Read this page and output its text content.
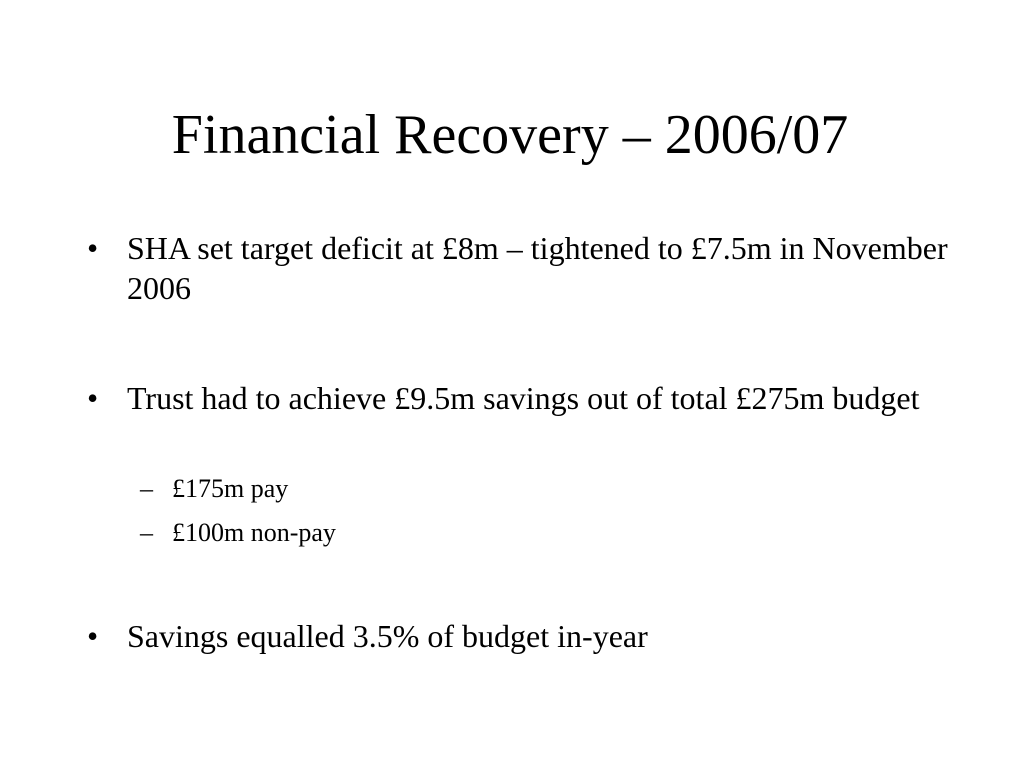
Financial Recovery – 2006/07
• SHA set target deficit at £8m – tightened to £7.5m in November 2006
• Trust had to achieve £9.5m savings out of total £275m budget
– £175m pay
– £100m non-pay
• Savings equalled 3.5% of budget in-year
